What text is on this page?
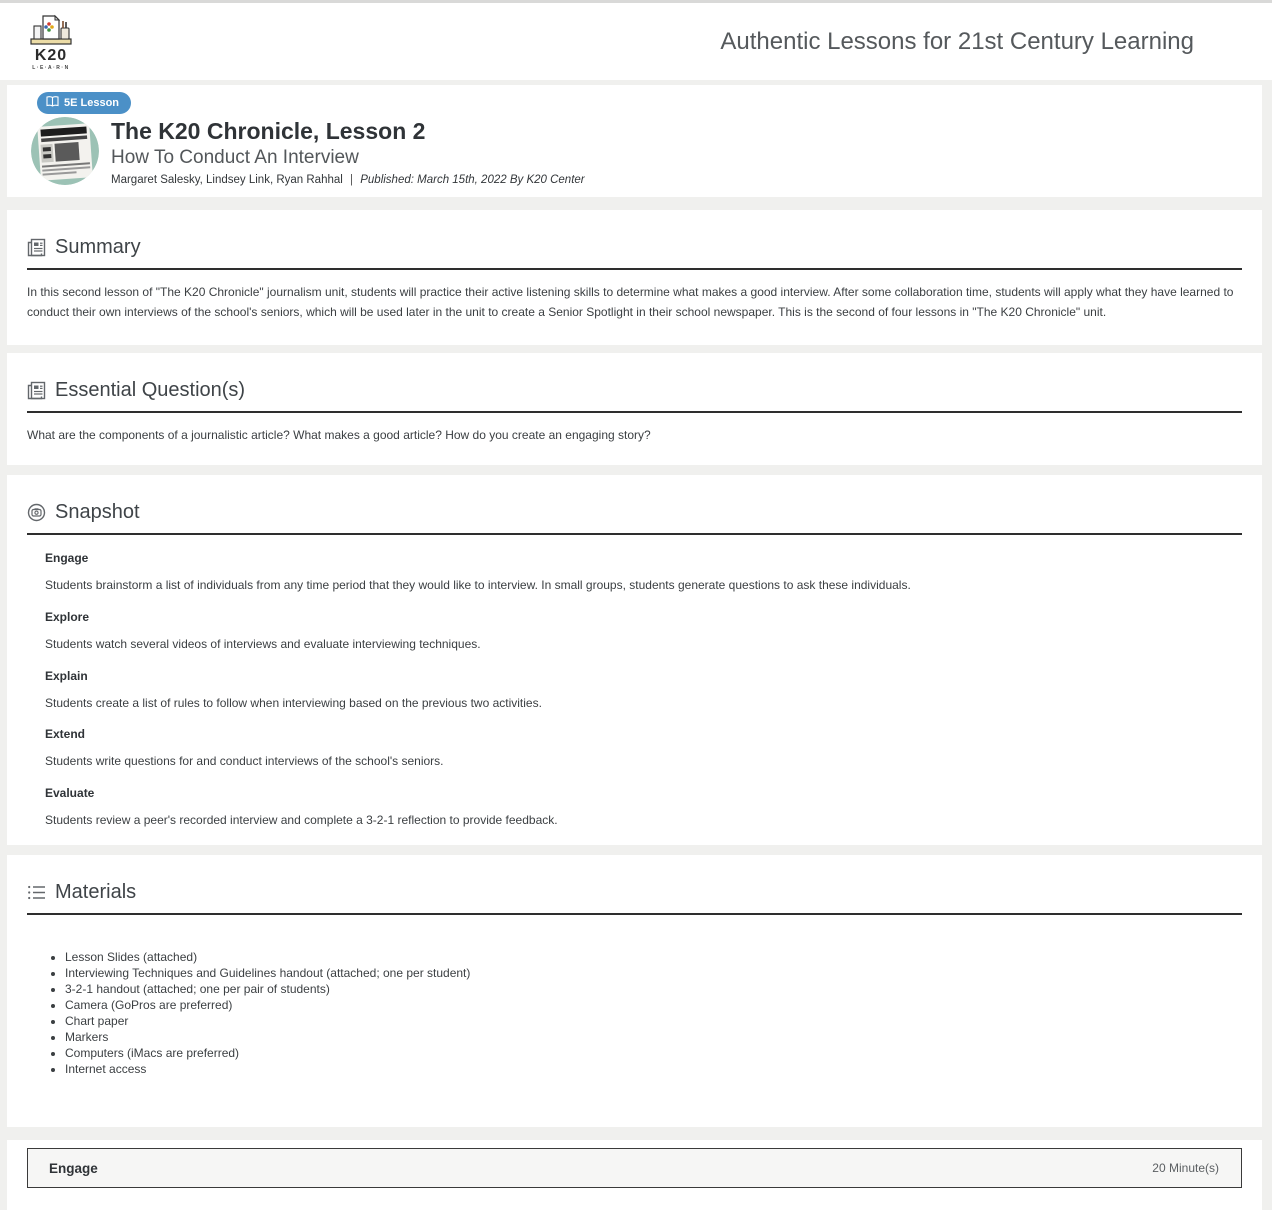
K20
L·E·A·R·N
Authentic Lessons for 21st Century Learning
5E Lesson
The K20 Chronicle, Lesson 2
How To Conduct An Interview
Margaret Salesky, Lindsey Link, Ryan Rahhal | Published: March 15th, 2022 By K20 Center
Summary

In this second lesson of "The K20 Chronicle" journalism unit, students will practice their active listening skills to determine what makes a good interview. After some collaboration time, students will apply what they have learned to conduct their own interviews of the school's seniors, which will be used later in the unit to create a Senior Spotlight in their school newspaper. This is the second of four lessons in "The K20 Chronicle" unit.

Essential Question(s)

What are the components of a journalistic article? What makes a good article? How do you create an engaging story?

Snapshot
Engage

Students brainstorm a list of individuals from any time period that they would like to interview. In small groups, students generate questions to ask these individuals.

Explore

Students watch several videos of interviews and evaluate interviewing techniques.

Explain

Students create a list of rules to follow when interviewing based on the previous two activities.

Extend

Students write questions for and conduct interviews of the school's seniors.

Evaluate

Students review a peer's recorded interview and complete a 3-2-1 reflection to provide feedback.

Materials
• Lesson Slides (attached)
• Interviewing Techniques and Guidelines handout (attached; one per student)
• 3-2-1 handout (attached; one per pair of students)
• Camera (GoPros are preferred)
• Chart paper
• Markers
• Computers (iMacs are preferred)
• Internet access
Engage	20 Minute(s)
